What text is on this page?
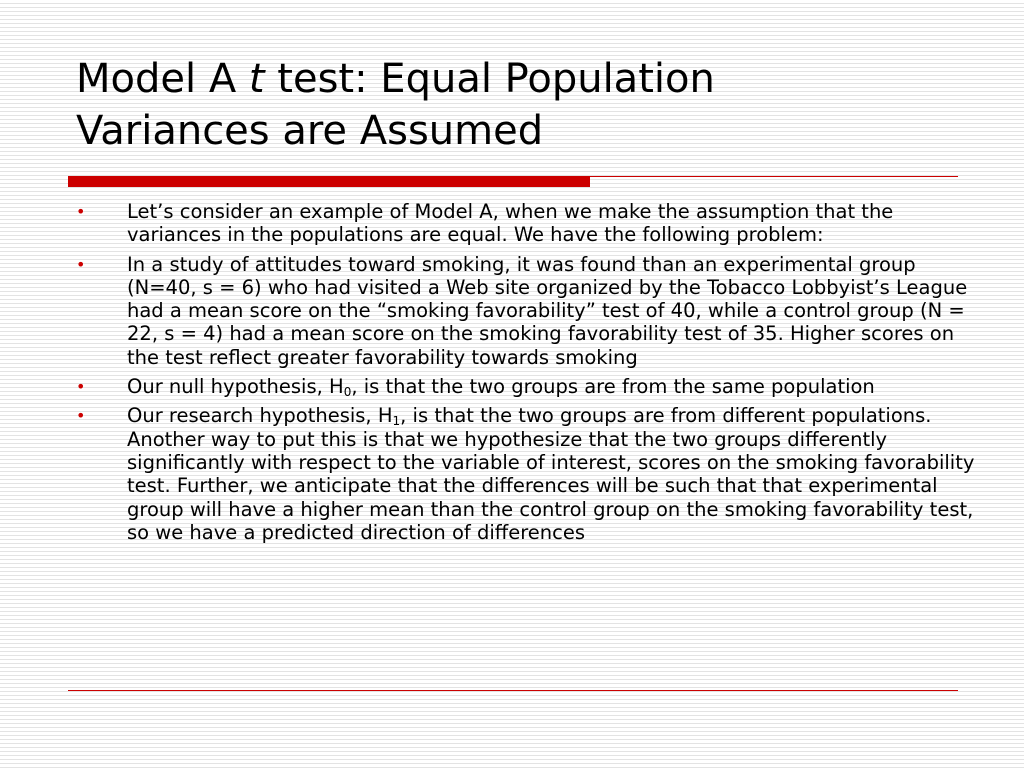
Model A t test: Equal Population
Variances are Assumed
• Let’s consider an example of Model A, when we make the assumption that the variances in the populations are equal. We have the following problem:
• In a study of attitudes toward smoking, it was found than an experimental group (N=40, s = 6) who had visited a Web site organized by the Tobacco Lobbyist’s League had a mean score on the “smoking favorability” test of 40, while a control group (N = 22, s = 4) had a mean score on the smoking favorability test of 35. Higher scores on the test reflect greater favorability towards smoking
• Our null hypothesis, $H_0$, is that the two groups are from the same population
• Our research hypothesis, $H_1$, is that the two groups are from different populations. Another way to put this is that we hypothesize that the two groups differently significantly with respect to the variable of interest, scores on the smoking favorability test. Further, we anticipate that the differences will be such that that experimental group will have a higher mean than the control group on the smoking favorability test, so we have a predicted direction of differences
